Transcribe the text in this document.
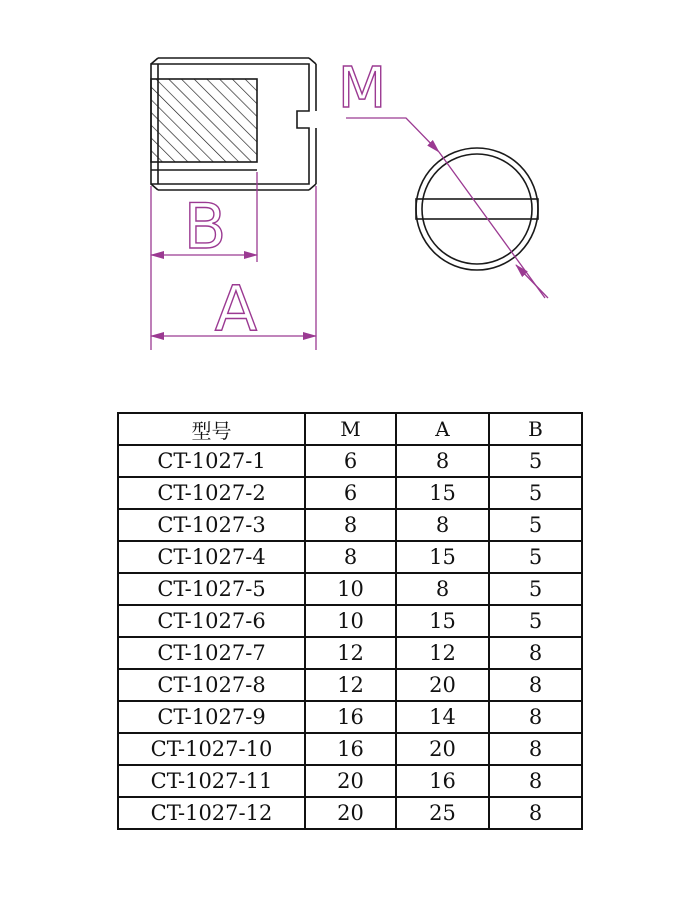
B
A
M
型号	M	A	B
CT-1027-1	6	8	5
CT-1027-2	6	15	5
CT-1027-3	8	8	5
CT-1027-4	8	15	5
CT-1027-5	10	8	5
CT-1027-6	10	15	5
CT-1027-7	12	12	8
CT-1027-8	12	20	8
CT-1027-9	16	14	8
CT-1027-10	16	20	8
CT-1027-11	20	16	8
CT-1027-12	20	25	8
